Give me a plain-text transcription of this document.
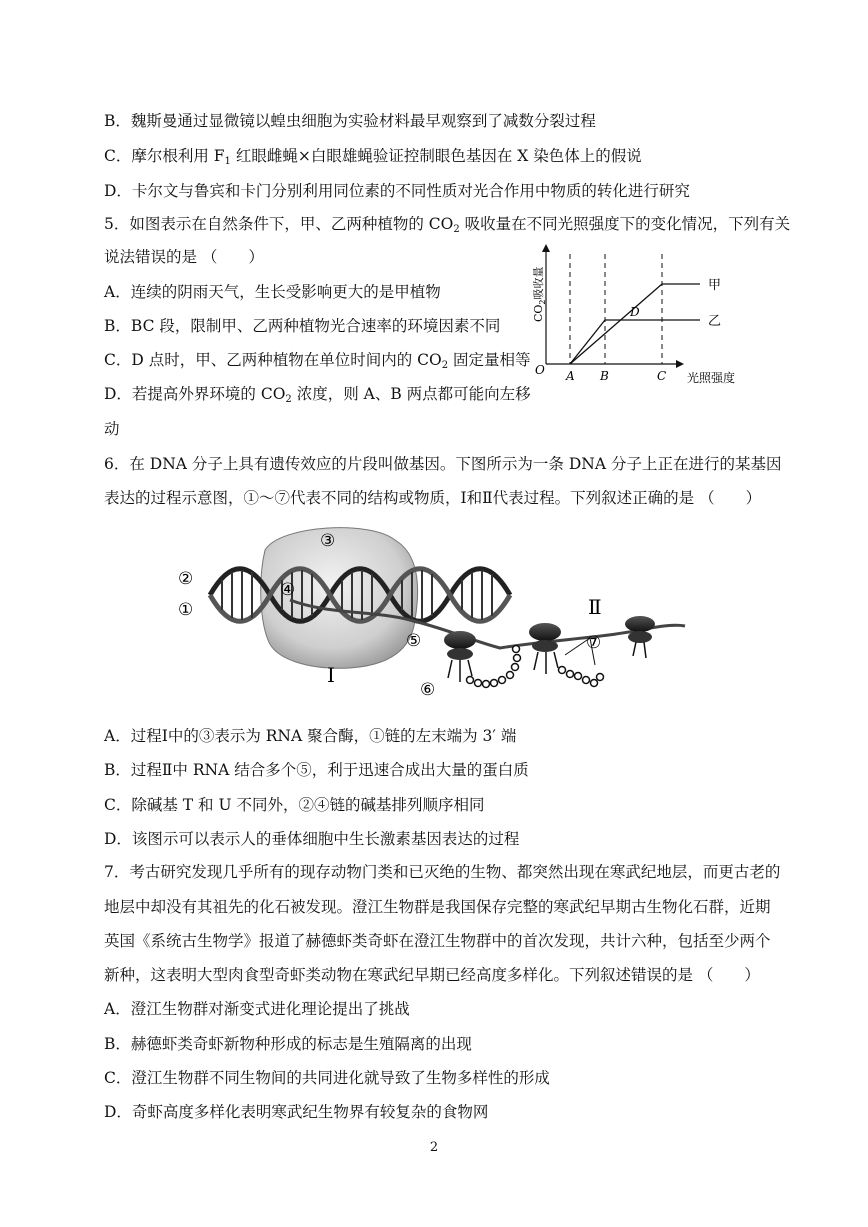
B．魏斯曼通过显微镜以蝗虫细胞为实验材料最早观察到了减数分裂过程
C．摩尔根利用 $F_1$ 红眼雌蝇×白眼雄蝇验证控制眼色基因在 X 染色体上的假说
D．卡尔文与鲁宾和卡门分别利用同位素的不同性质对光合作用中物质的转化进行研究
5．如图表示在自然条件下，甲、乙两种植物的 $CO_2$ 吸收量在不同光照强度下的变化情况，下列有关
说法错误的是 （　　）
A．连续的阴雨天气，生长受影响更大的是甲植物
B．BC 段，限制甲、乙两种植物光合速率的环境因素不同
C．D 点时，甲、乙两种植物在单位时间内的 $CO_2$ 固定量相等
D．若提高外界环境的 $CO_2$ 浓度，则 A、B 两点都可能向左移
动
甲
乙
D
O A B	C 光照强度
$CO_2$吸收量
6．在 DNA 分子上具有遗传效应的片段叫做基因。下图所示为一条 DNA 分子上正在进行的某基因
表达的过程示意图，①～⑦代表不同的结构或物质，Ⅰ和Ⅱ代表过程。下列叙述正确的是 （　　）
③
②
①
④
⑤
⑥
⑦
Ⅰ
Ⅱ
A．过程Ⅰ中的③表示为 RNA 聚合酶，①链的左末端为 3′ 端
B．过程Ⅱ中 RNA 结合多个⑤，利于迅速合成出大量的蛋白质
C．除碱基 T 和 U 不同外，②④链的碱基排列顺序相同
D．该图示可以表示人的垂体细胞中生长激素基因表达的过程
7．考古研究发现几乎所有的现存动物门类和已灭绝的生物、都突然出现在寒武纪地层，而更古老的
地层中却没有其祖先的化石被发现。澄江生物群是我国保存完整的寒武纪早期古生物化石群，近期
英国《系统古生物学》报道了赫德虾类奇虾在澄江生物群中的首次发现，共计六种，包括至少两个
新种，这表明大型肉食型奇虾类动物在寒武纪早期已经高度多样化。下列叙述错误的是 （　　）
A．澄江生物群对渐变式进化理论提出了挑战
B．赫德虾类奇虾新物种形成的标志是生殖隔离的出现
C．澄江生物群不同生物间的共同进化就导致了生物多样性的形成
D．奇虾高度多样化表明寒武纪生物界有较复杂的食物网
2
